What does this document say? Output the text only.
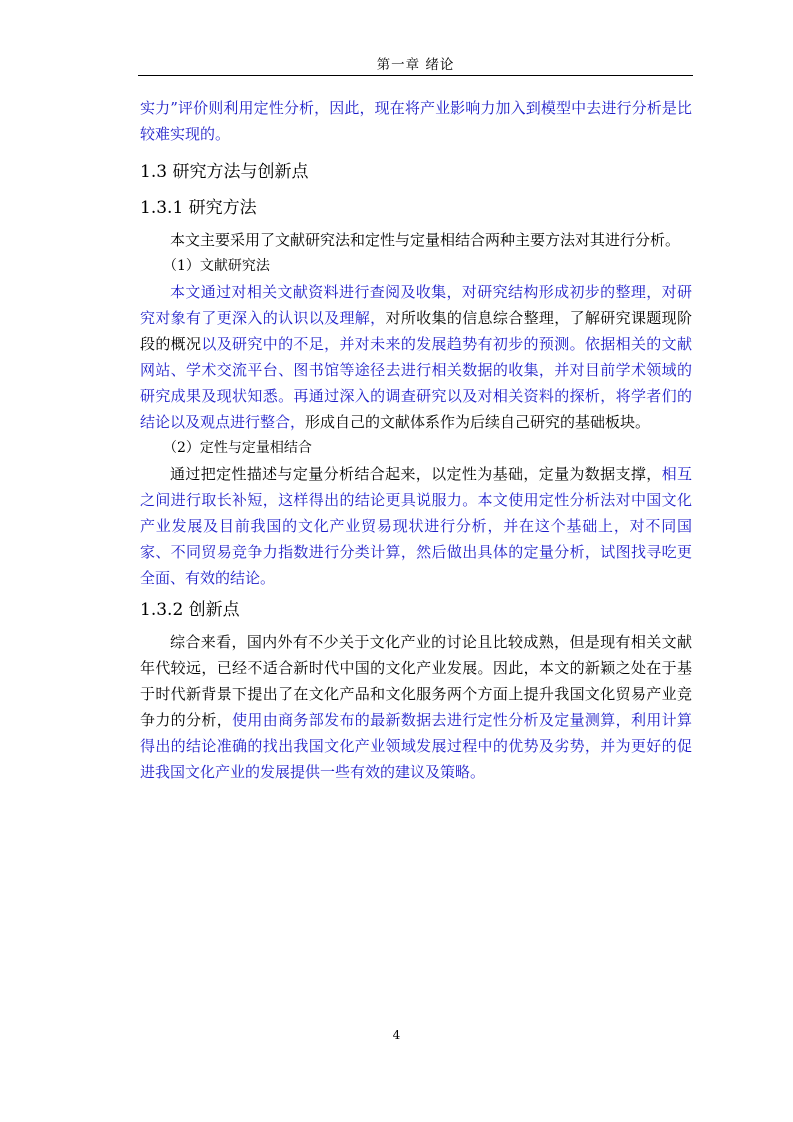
第一章 绪论

实力”评价则利用定性分析，因此，现在将产业影响力加入到模型中去进行分析是比较难实现的。

1.3 研究方法与创新点
1.3.1 研究方法

本文主要采用了文献研究法和定性与定量相结合两种主要方法对其进行分析。

（1）文献研究法

本文通过对相关文献资料进行查阅及收集，对研究结构形成初步的整理，对研究对象有了更深入的认识以及理解，对所收集的信息综合整理，了解研究课题现阶段的概况以及研究中的不足，并对未来的发展趋势有初步的预测。依据相关的文献网站、学术交流平台、图书馆等途径去进行相关数据的收集，并对目前学术领域的研究成果及现状知悉。再通过深入的调查研究以及对相关资料的探析，将学者们的结论以及观点进行整合，形成自己的文献体系作为后续自己研究的基础板块。

（2）定性与定量相结合

通过把定性描述与定量分析结合起来，以定性为基础，定量为数据支撑，相互之间进行取长补短，这样得出的结论更具说服力。本文使用定性分析法对中国文化产业发展及目前我国的文化产业贸易现状进行分析，并在这个基础上，对不同国家、不同贸易竞争力指数进行分类计算，然后做出具体的定量分析，试图找寻吃更全面、有效的结论。

1.3.2 创新点

综合来看，国内外有不少关于文化产业的讨论且比较成熟，但是现有相关文献年代较远，已经不适合新时代中国的文化产业发展。因此，本文的新颖之处在于基于时代新背景下提出了在文化产品和文化服务两个方面上提升我国文化贸易产业竞争力的分析，使用由商务部发布的最新数据去进行定性分析及定量测算，利用计算得出的结论准确的找出我国文化产业领域发展过程中的优势及劣势，并为更好的促进我国文化产业的发展提供一些有效的建议及策略。

4
